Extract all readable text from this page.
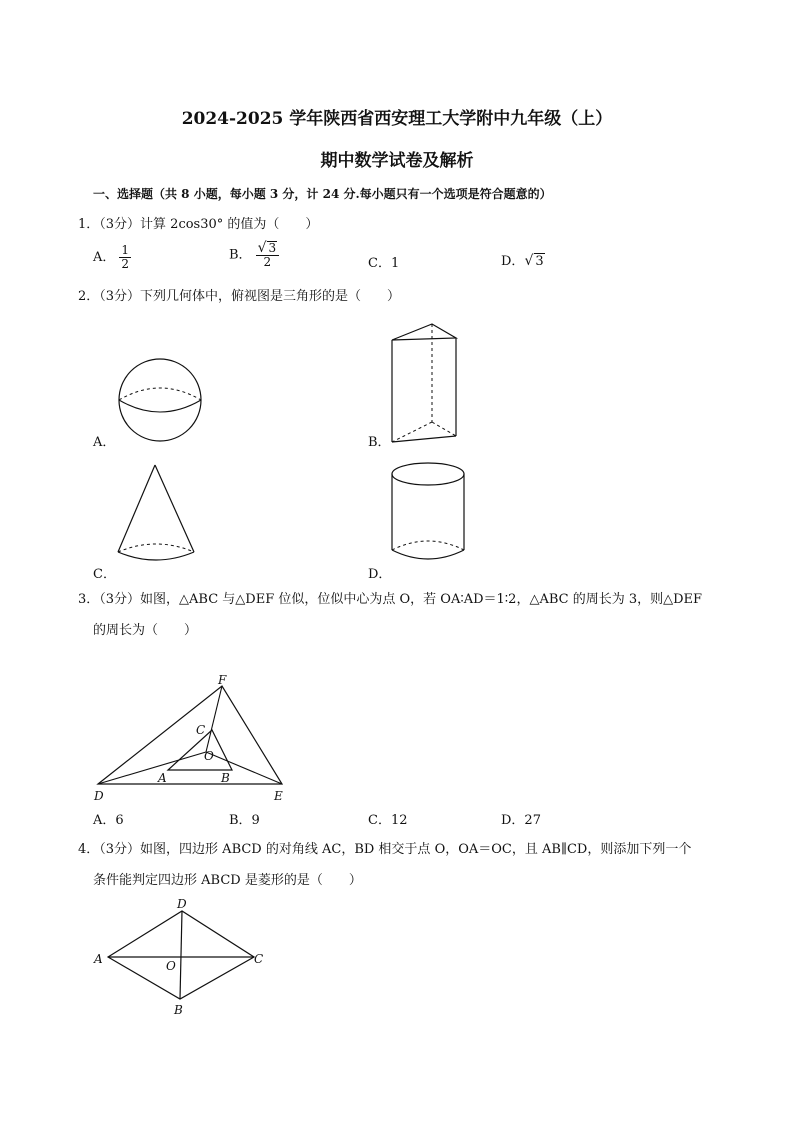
2024-2025 学年陕西省西安理工大学附中九年级（上）
期中数学试卷及解析
一、选择题（共 8 小题，每小题 3 分，计 24 分.每小题只有一个选项是符合题意的）
1．（3分）计算 2cos30° 的值为（　　）
A． $\frac{1}{2}$	B． $\frac{√ 3}{2}$	C．1	D．√ 3
2．（3分）下列几何体中，俯视图是三角形的是（　　）
A．	B．
C．	D．
3．（3分）如图，△ABC 与△DEF 位似，位似中心为点 O，若 OA∶AD＝1∶2，△ABC 的周长为 3，则△DEF
的周长为（　　）
F
C
O
A	B
D	E
A．6	B．9	C．12	D．27
4．（3分）如图，四边形 ABCD 的对角线 AC，BD 相交于点 O，OA＝OC，且 AB∥CD，则添加下列一个
条件能判定四边形 ABCD 是菱形的是（　　）
D
A	O	C
B
